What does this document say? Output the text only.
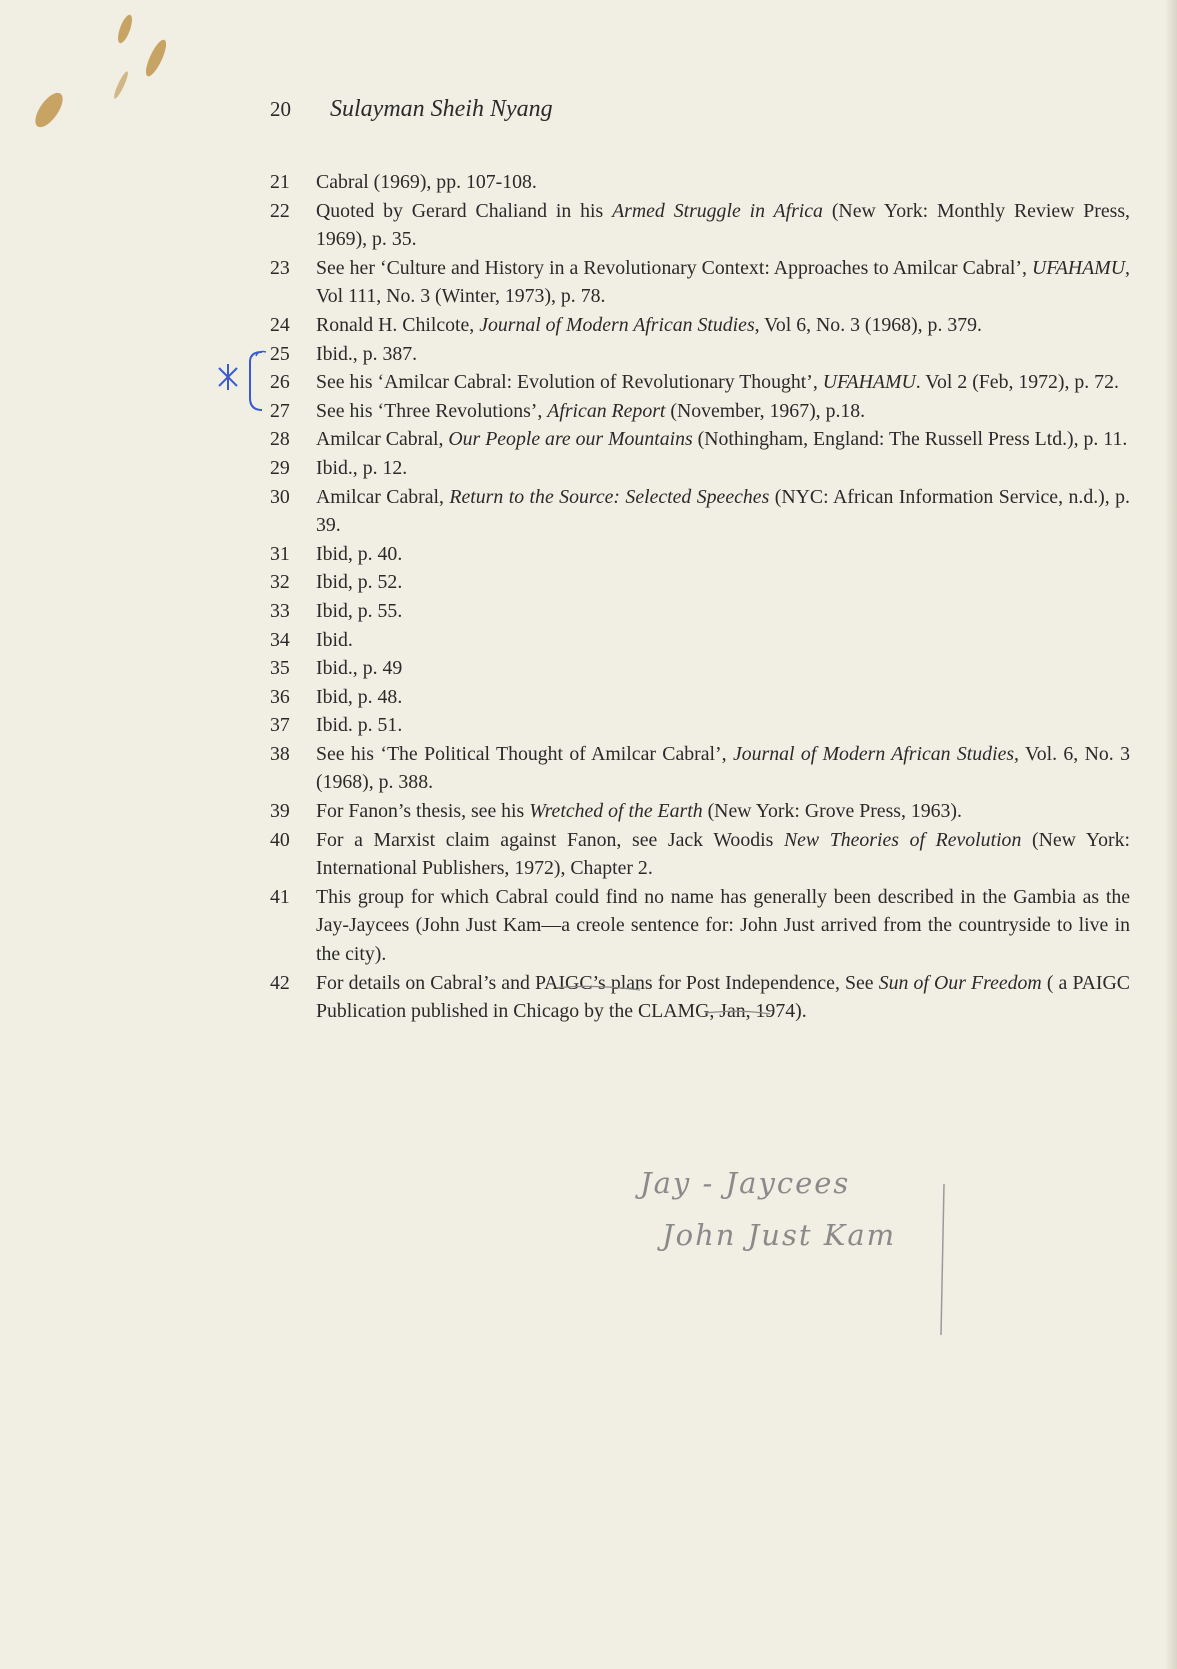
20	Sulayman Sheih Nyang
21	Cabral (1969), pp. 107-108.
22	Quoted by Gerard Chaliand in his Armed Struggle in Africa (New York: Monthly Review Press, 1969), p. 35.
23	See her ‘Culture and History in a Revolutionary Context: Approaches to Amilcar Cabral’, UFAHAMU, Vol 111, No. 3 (Winter, 1973), p. 78.
24	Ronald H. Chilcote, Journal of Modern African Studies, Vol 6, No. 3 (1968), p. 379.
25	Ibid., p. 387.
26	See his ‘Amilcar Cabral: Evolution of Revolutionary Thought’, UFAHAMU. Vol 2 (Feb, 1972), p. 72.
27	See his ‘Three Revolutions’, African Report (November, 1967), p.18.
28	Amilcar Cabral, Our People are our Mountains (Nothingham, England: The Russell Press Ltd.), p. 11.
29	Ibid., p. 12.
30	Amilcar Cabral, Return to the Source: Selected Speeches (NYC: African Information Service, n.d.), p. 39.
31	Ibid, p. 40.
32	Ibid, p. 52.
33	Ibid, p. 55.
34	Ibid.
35	Ibid., p. 49
36	Ibid, p. 48.
37	Ibid. p. 51.
38	See his ‘The Political Thought of Amilcar Cabral’, Journal of Modern African Studies, Vol. 6, No. 3 (1968), p. 388.
39	For Fanon’s thesis, see his Wretched of the Earth (New York: Grove Press, 1963).
40	For a Marxist claim against Fanon, see Jack Woodis New Theories of Revolution (New York: International Publishers, 1972), Chapter 2.
41	This group for which Cabral could find no name has generally been described in the Gambia as the Jay-Jaycees (John Just Kam—a creole sentence for: John Just arrived from the countryside to live in the city).
42	For details on Cabral’s and PAIGC’s plans for Post Independence, See Sun of Our Freedom ( a PAIGC Publication published in Chicago by the CLAMG, Jan, 1974).
Jay - Jaycees
John Just Kam
